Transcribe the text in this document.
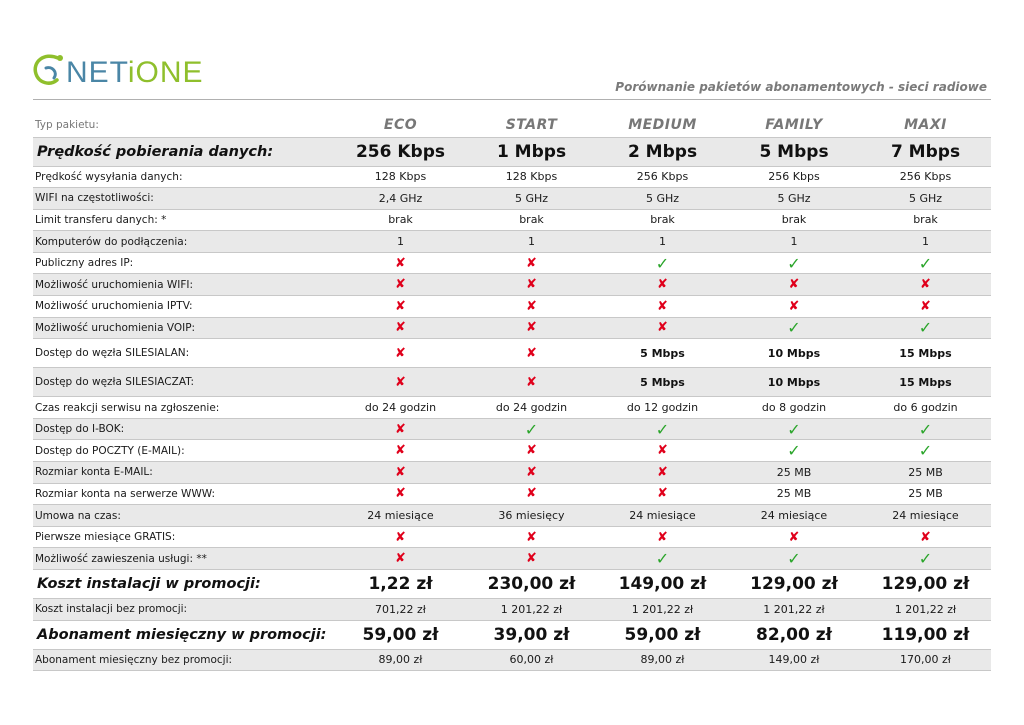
NETiONE	Porównanie pakietów abonamentowych - sieci radiowe
Typ pakietu:	ECO	START	MEDIUM	FAMILY	MAXI
Prędkość pobierania danych:	256 Kbps	1 Mbps	2 Mbps	5 Mbps	7 Mbps
Prędkość wysyłania danych:	128 Kbps	128 Kbps	256 Kbps	256 Kbps	256 Kbps
WIFI na częstotliwości:	2,4 GHz	5 GHz	5 GHz	5 GHz	5 GHz
Limit transferu danych: *	brak	brak	brak	brak	brak
Komputerów do podłączenia:	1	1	1	1	1
Publiczny adres IP:	✘	✘	✓	✓	✓
Możliwość uruchomienia WIFI:	✘	✘	✘	✘	✘
Możliwość uruchomienia IPTV:	✘	✘	✘	✘	✘
Możliwość uruchomienia VOIP:	✘	✘	✘	✓	✓
Dostęp do węzła SILESIALAN:	✘	✘	5 Mbps	10 Mbps	15 Mbps
Dostęp do węzła SILESIACZAT:	✘	✘	5 Mbps	10 Mbps	15 Mbps
Czas reakcji serwisu na zgłoszenie:	do 24 godzin	do 24 godzin	do 12 godzin	do 8 godzin	do 6 godzin
Dostęp do I-BOK:	✘	✓	✓	✓	✓
Dostęp do POCZTY (E-MAIL):	✘	✘	✘	✓	✓
Rozmiar konta E-MAIL:	✘	✘	✘	25 MB	25 MB
Rozmiar konta na serwerze WWW:	✘	✘	✘	25 MB	25 MB
Umowa na czas:	24 miesiące	36 miesięcy	24 miesiące	24 miesiące	24 miesiące
Pierwsze miesiące GRATIS:	✘	✘	✘	✘	✘
Możliwość zawieszenia usługi: **	✘	✘	✓	✓	✓
Koszt instalacji w promocji:	1,22 zł	230,00 zł	149,00 zł	129,00 zł	129,00 zł
Koszt instalacji bez promocji:	701,22 zł	1 201,22 zł	1 201,22 zł	1 201,22 zł	1 201,22 zł
Abonament miesięczny w promocji:	59,00 zł	39,00 zł	59,00 zł	82,00 zł	119,00 zł
Abonament miesięczny bez promocji:	89,00 zł	60,00 zł	89,00 zł	149,00 zł	170,00 zł
